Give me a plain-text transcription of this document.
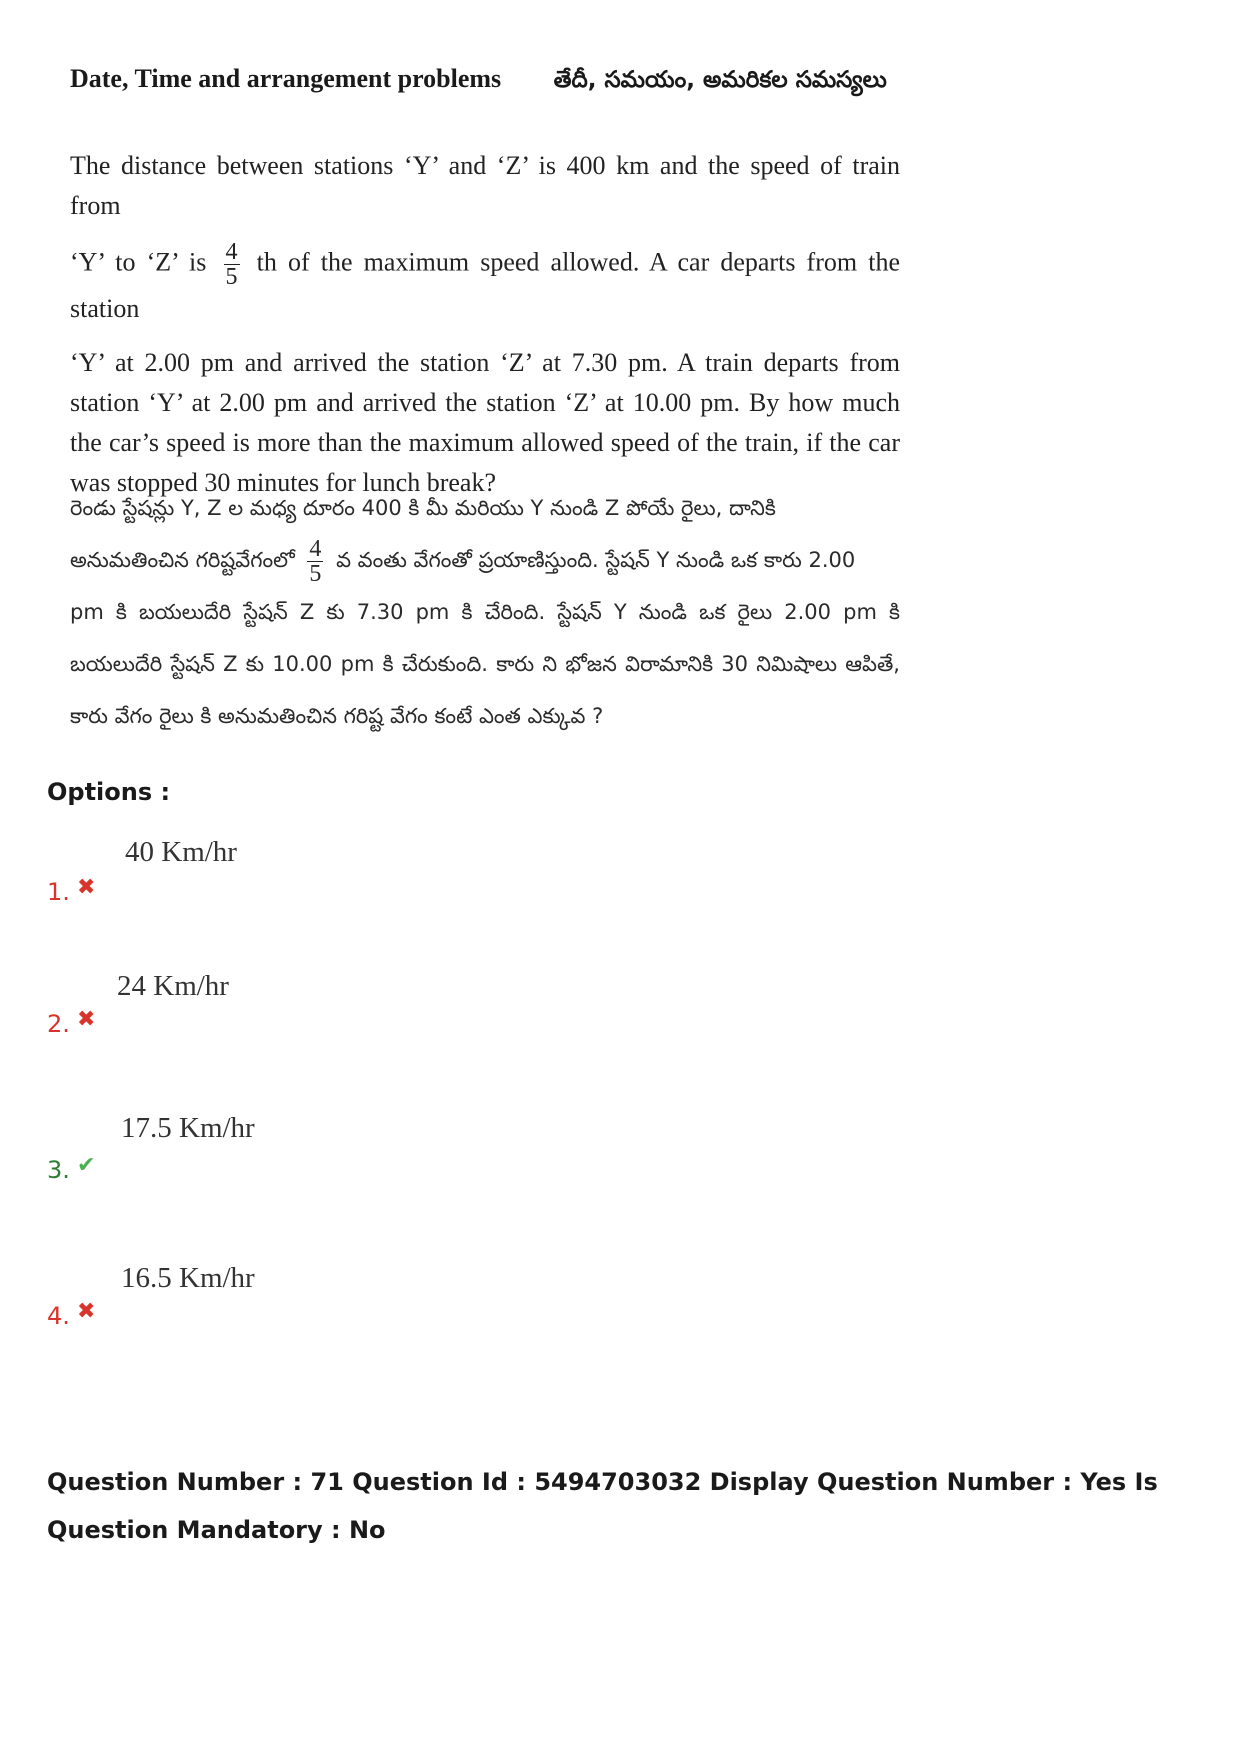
Date, Time and arrangement problems తేదీ, సమయం, అమరికల సమస్యలు

The distance between stations ‘Y’ and ‘Z’ is 400 km and the speed of train from

‘Y’ to ‘Z’ is $\frac{4}{5}$ th of the maximum speed allowed. A car departs from the station

‘Y’ at 2.00 pm and arrived the station ‘Z’ at 7.30 pm. A train departs from station ‘Y’ at 2.00 pm and arrived the station ‘Z’ at 10.00 pm. By how much the car’s speed is more than the maximum allowed speed of the train, if the car was stopped 30 minutes for lunch break?

రెండు స్టేషన్లు Y, Z ల మధ్య దూరం 400 కి మీ మరియు Y నుండి Z పోయే రైలు, దానికి

అనుమతించిన గరిష్టవేగంలో $\frac{4}{5}$ వ వంతు వేగంతో ప్రయాణిస్తుంది. స్టేషన్ Y నుండి ఒక కారు 2.00

pm కి బయలుదేరి స్టేషన్ Z కు 7.30 pm కి చేరింది. స్టేషన్ Y నుండి ఒక రైలు 2.00 pm కి బయలుదేరి స్టేషన్ Z కు 10.00 pm కి చేరుకుంది. కారు ని భోజన విరామానికి 30 నిమిషాలు ఆపితే, కారు వేగం రైలు కి అనుమతించిన గరిష్ట వేగం కంటే ఎంత ఎక్కువ ?

Options :
40 Km/hr
1. ✖
24 Km/hr
2. ✖
17.5 Km/hr
3. ✔
16.5 Km/hr
4. ✖
Question Number : 71 Question Id : 5494703032 Display Question Number : Yes Is Question Mandatory : No
